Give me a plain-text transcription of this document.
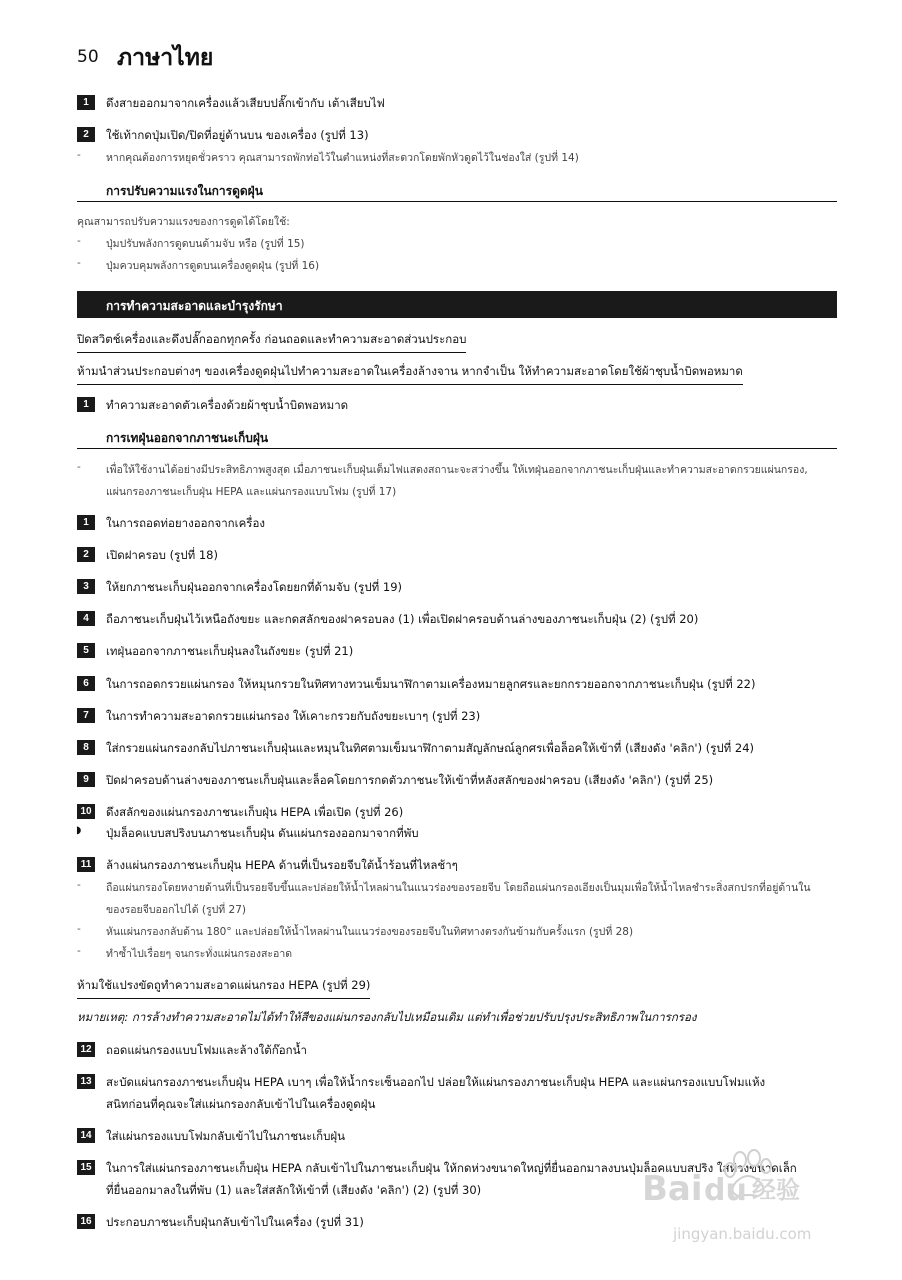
50 ภาษาไทย
1	ดึงสายออกมาจากเครื่องแล้วเสียบปลั๊กเข้ากับ เต้าเสียบไฟ
2	ใช้เท้ากดปุ่มเปิด/ปิดที่อยู่ด้านบน ของเครื่อง (รูปที่ 13)
- หากคุณต้องการหยุดชั่วคราว คุณสามารถพักท่อไว้ในตำแหน่งที่สะดวกโดยพักหัวดูดไว้ในช่องใส่ (รูปที่ 14)
การปรับความแรงในการดูดฝุ่น
คุณสามารถปรับความแรงของการดูดได้โดยใช้:
- ปุ่มปรับพลังการดูดบนด้ามจับ หรือ (รูปที่ 15)
- ปุ่มควบคุมพลังการดูดบนเครื่องดูดฝุ่น (รูปที่ 16)
การทำความสะอาดและบำรุงรักษา
ปิดสวิตช์เครื่องและดึงปลั๊กออกทุกครั้ง ก่อนถอดและทำความสะอาดส่วนประกอบ
ห้ามนำส่วนประกอบต่างๆ ของเครื่องดูดฝุ่นไปทำความสะอาดในเครื่องล้างจาน หากจำเป็น ให้ทำความสะอาดโดยใช้ผ้าชุบน้ำบิดพอหมาด
1	ทำความสะอาดตัวเครื่องด้วยผ้าชุบน้ำบิดพอหมาด
การเทฝุ่นออกจากภาชนะเก็บฝุ่น
- เพื่อให้ใช้งานได้อย่างมีประสิทธิภาพสูงสุด เมื่อภาชนะเก็บฝุ่นเต็มไฟแสดงสถานะจะสว่างขึ้น ให้เทฝุ่นออกจากภาชนะเก็บฝุ่นและทำความสะอาดกรวยแผ่นกรอง,
แผ่นกรองภาชนะเก็บฝุ่น HEPA และแผ่นกรองแบบโฟม (รูปที่ 17)
1	ในการถอดท่อยางออกจากเครื่อง
2	เปิดฝาครอบ (รูปที่ 18)
3	ให้ยกภาชนะเก็บฝุ่นออกจากเครื่องโดยยกที่ด้ามจับ (รูปที่ 19)
4	ถือภาชนะเก็บฝุ่นไว้เหนือถังขยะ และกดสลักของฝาครอบลง (1) เพื่อเปิดฝาครอบด้านล่างของภาชนะเก็บฝุ่น (2) (รูปที่ 20)
5	เทฝุ่นออกจากภาชนะเก็บฝุ่นลงในถังขยะ (รูปที่ 21)
6	ในการถอดกรวยแผ่นกรอง ให้หมุนกรวยในทิศทางทวนเข็มนาฬิกาตามเครื่องหมายลูกศรและยกกรวยออกจากภาชนะเก็บฝุ่น (รูปที่ 22)
7	ในการทำความสะอาดกรวยแผ่นกรอง ให้เคาะกรวยกับถังขยะเบาๆ (รูปที่ 23)
8	ใส่กรวยแผ่นกรองกลับไปภาชนะเก็บฝุ่นและหมุนในทิศตามเข็มนาฬิกาตามสัญลักษณ์ลูกศรเพื่อล็อคให้เข้าที่ (เสียงดัง 'คลิก') (รูปที่ 24)
9	ปิดฝาครอบด้านล่างของภาชนะเก็บฝุ่นและล็อคโดยการกดตัวภาชนะให้เข้าที่หลังสลักของฝาครอบ (เสียงดัง 'คลิก') (รูปที่ 25)
10 ดึงสลักของแผ่นกรองภาชนะเก็บฝุ่น HEPA เพื่อเปิด (รูปที่ 26)
◗ ปุ่มล็อคแบบสปริงบนภาชนะเก็บฝุ่น ดันแผ่นกรองออกมาจากที่พับ
11	ล้างแผ่นกรองภาชนะเก็บฝุ่น HEPA ด้านที่เป็นรอยจีบใต้น้ำร้อนที่ไหลช้าๆ
- ถือแผ่นกรองโดยหงายด้านที่เป็นรอยจีบขึ้นและปล่อยให้น้ำไหลผ่านในแนวร่องของรอยจีบ โดยถือแผ่นกรองเอียงเป็นมุมเพื่อให้น้ำไหลชำระสิ่งสกปรกที่อยู่ด้านใน
ของรอยจีบออกไปได้ (รูปที่ 27)
- หันแผ่นกรองกลับด้าน 180° และปล่อยให้น้ำไหลผ่านในแนวร่องของรอยจีบในทิศทางตรงกันข้ามกับครั้งแรก (รูปที่ 28)
- ทำซ้ำไปเรื่อยๆ จนกระทั่งแผ่นกรองสะอาด
ห้ามใช้แปรงขัดถูทำความสะอาดแผ่นกรอง HEPA (รูปที่ 29)
หมายเหตุ: การล้างทำความสะอาดไม่ได้ทำให้สีของแผ่นกรองกลับไปเหมือนเดิม แต่ทำเพื่อช่วยปรับปรุงประสิทธิภาพในการกรอง
12 ถอดแผ่นกรองแบบโฟมและล้างใต้ก๊อกน้ำ
13 สะบัดแผ่นกรองภาชนะเก็บฝุ่น HEPA เบาๆ เพื่อให้น้ำกระเซ็นออกไป ปล่อยให้แผ่นกรองภาชนะเก็บฝุ่น HEPA และแผ่นกรองแบบโฟมแห้ง
สนิทก่อนที่คุณจะใส่แผ่นกรองกลับเข้าไปในเครื่องดูดฝุ่น
14 ใส่แผ่นกรองแบบโฟมกลับเข้าไปในภาชนะเก็บฝุ่น
15 ในการใส่แผ่นกรองภาชนะเก็บฝุ่น HEPA กลับเข้าไปในภาชนะเก็บฝุ่น ให้กดห่วงขนาดใหญ่ที่ยื่นออกมาลงบนปุ่มล็อคแบบสปริง ใส่ห่วงขนาดเล็ก
ที่ยื่นออกมาลงในที่พับ (1) และใส่สลักให้เข้าที่ (เสียงดัง 'คลิก') (2) (รูปที่ 30)
16 ประกอบภาชนะเก็บฝุ่นกลับเข้าไปในเครื่อง (รูปที่ 31)
Bai du 经验
jingyan.baidu.com
